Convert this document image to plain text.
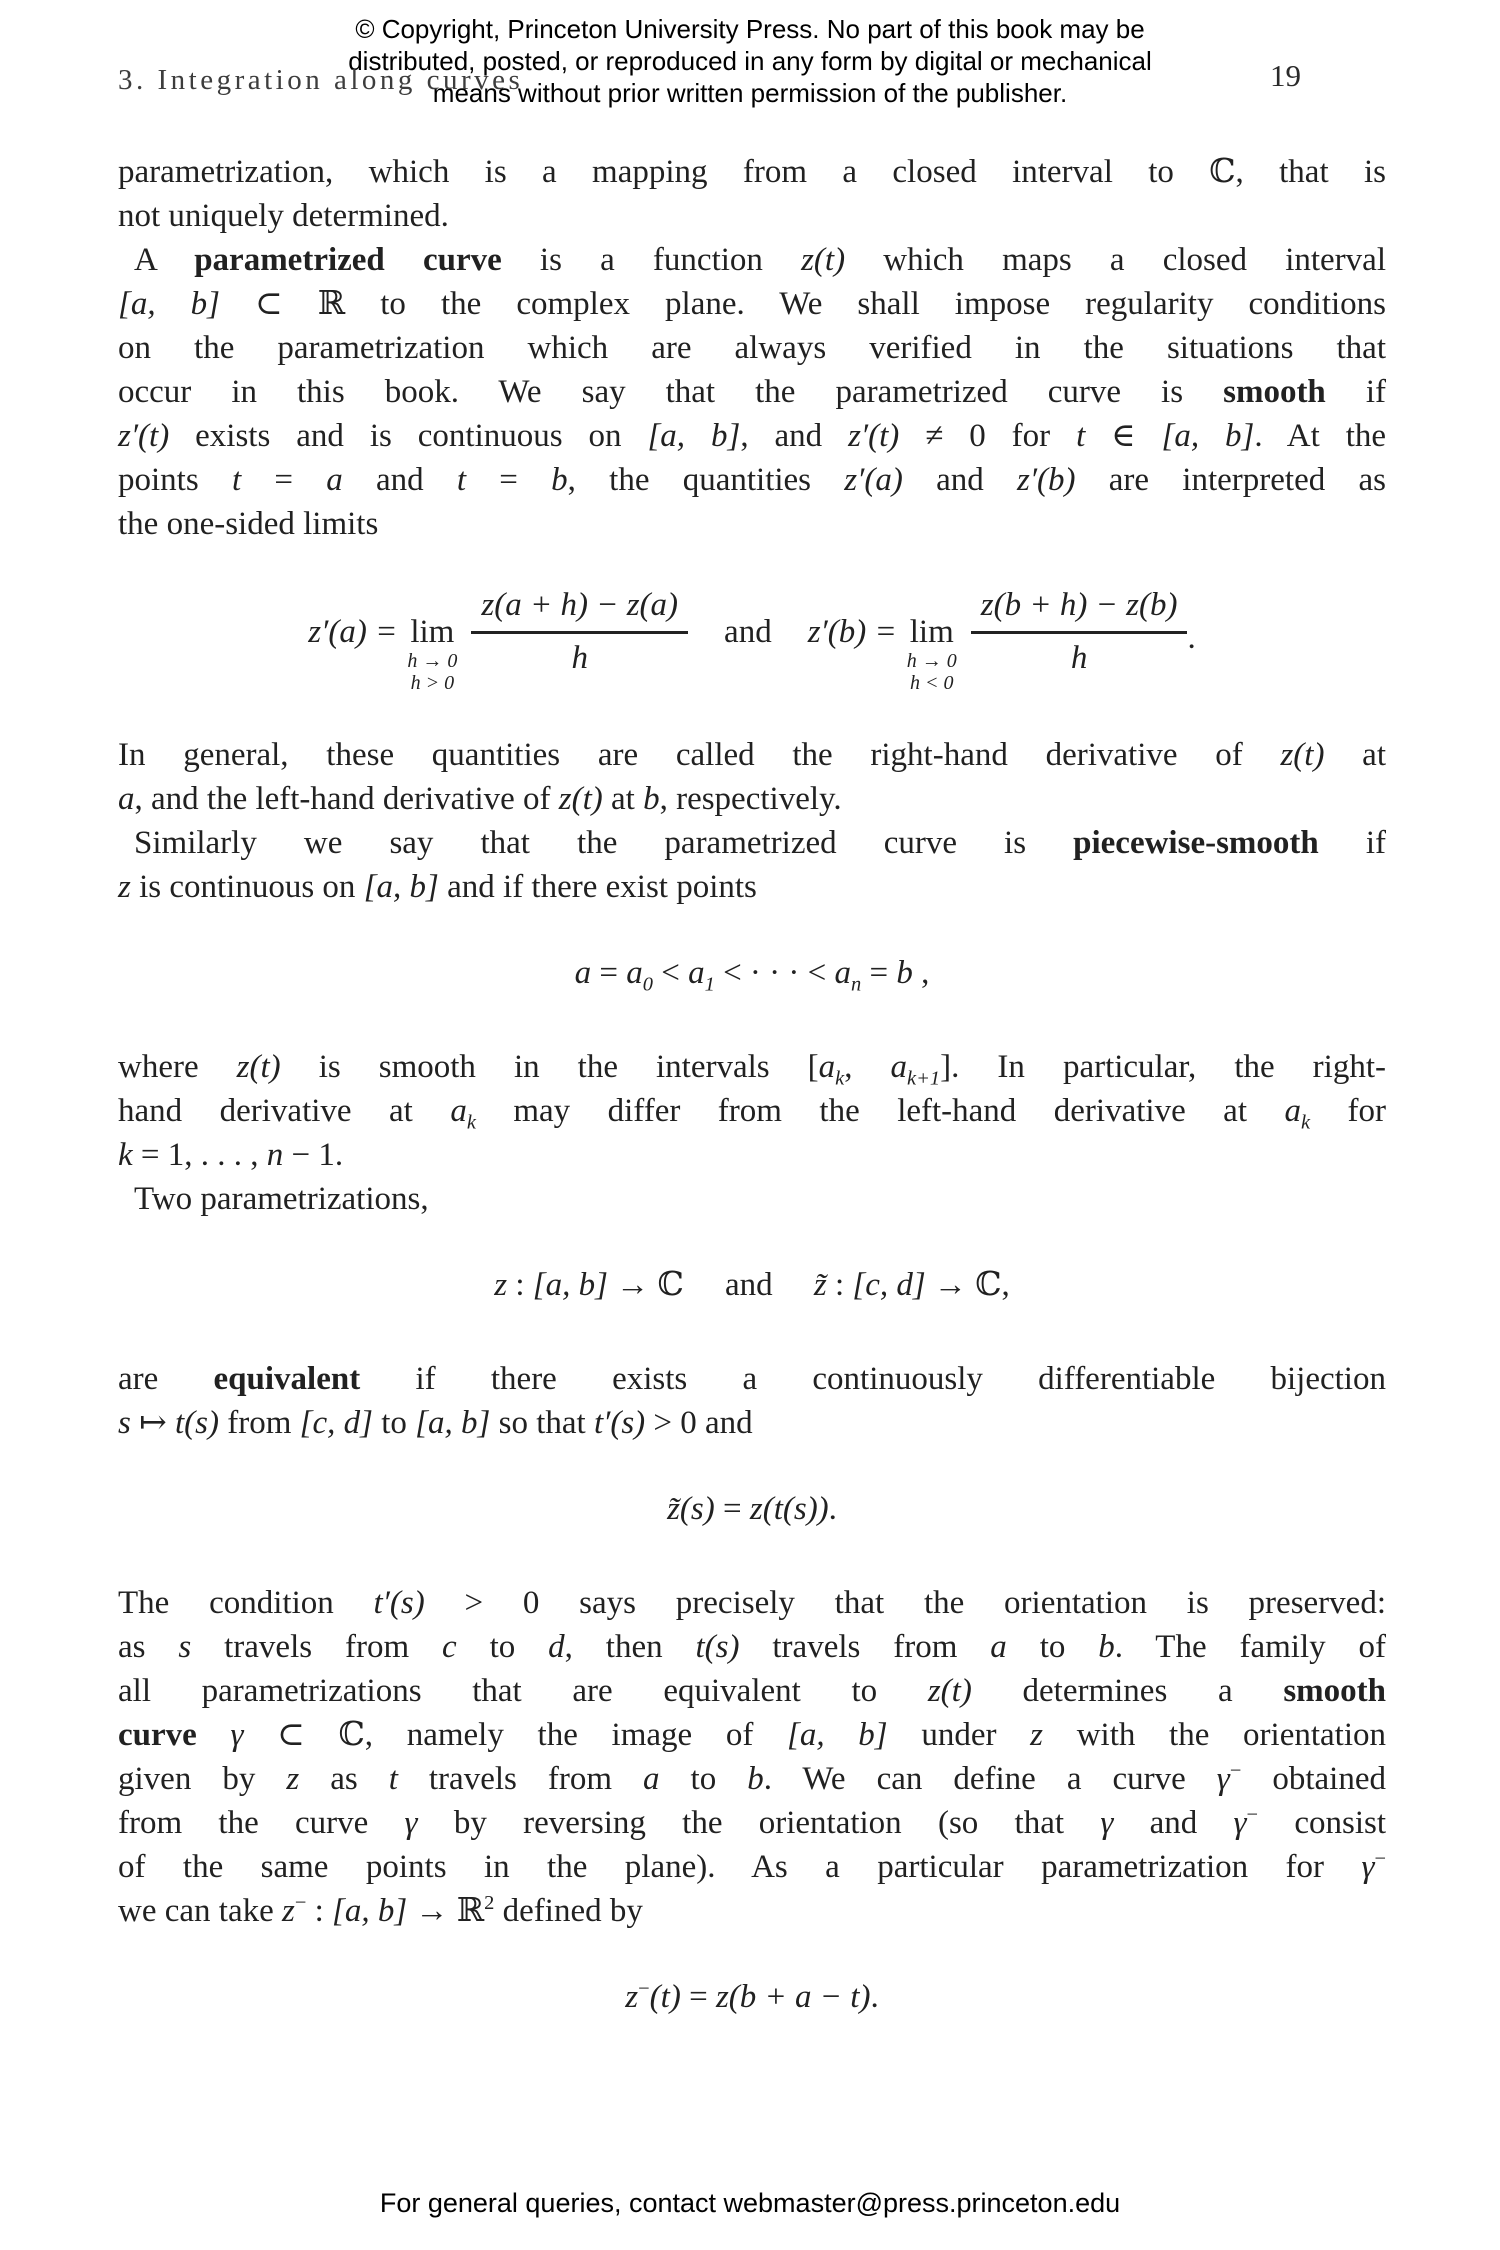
© Copyright, Princeton University Press. No part of this book may be
distributed, posted, or reproduced in any form by digital or mechanical
means without prior written permission of the publisher.
3. Integration along curves	19
parametrization, which is a mapping from a closed interval to ℂ, that is
not uniquely determined.
A parametrized curve is a function z(t) which maps a closed interval
[a, b] ⊂ ℝ to the complex plane. We shall impose regularity conditions
on the parametrization which are always verified in the situations that
occur in this book. We say that the parametrized curve is smooth if
z′(t) exists and is continuous on [a, b], and z′(t) ≠ 0 for t ∈ [a, b]. At the
points t = a and t = b, the quantities z′(a) and z′(b) are interpreted as
the one-sided limits
z′(a) = lim
h → 0
h > 0
$\frac{z(a + h) - z(a)}{h}$ and z′(b) = lim
h → 0
h < 0
$\frac{z(b + h) - z(b)}{h}$ .
In general, these quantities are called the right-hand derivative of z(t) at
a, and the left-hand derivative of z(t) at b, respectively.
Similarly we say that the parametrized curve is piecewise-smooth if
z is continuous on [a, b] and if there exist points
$a = a_0 < a_1$ < · · · < $a_n = b$ ,
where z(t) is smooth in the intervals [$a_k$, $a_{k+1}$]. In particular, the right-
hand derivative at $a_k$ may differ from the left-hand derivative at $a_k$ for
k = 1, . . . , n − 1.
Two parametrizations,
z : [a, b] → ℂ     and     z̃ : [c, d] → ℂ,
are equivalent if there exists a continuously differentiable bijection
s ↦ t(s) from [c, d] to [a, b] so that t′(s) > 0 and
z̃(s) = z(t(s)).
The condition t′(s) > 0 says precisely that the orientation is preserved:
as s travels from c to d, then t(s) travels from a to b. The family of
all parametrizations that are equivalent to z(t) determines a smooth
curve γ ⊂ ℂ, namely the image of [a, b] under z with the orientation
given by z as t travels from a to b. We can define a curve γ− obtained
from the curve γ by reversing the orientation (so that γ and γ− consist
of the same points in the plane). As a particular parametrization for γ−
we can take z− : [a, b] → ℝ$^2$ defined by
z−(t) = z(b + a − t).
For general queries, contact webmaster@press.princeton.edu
